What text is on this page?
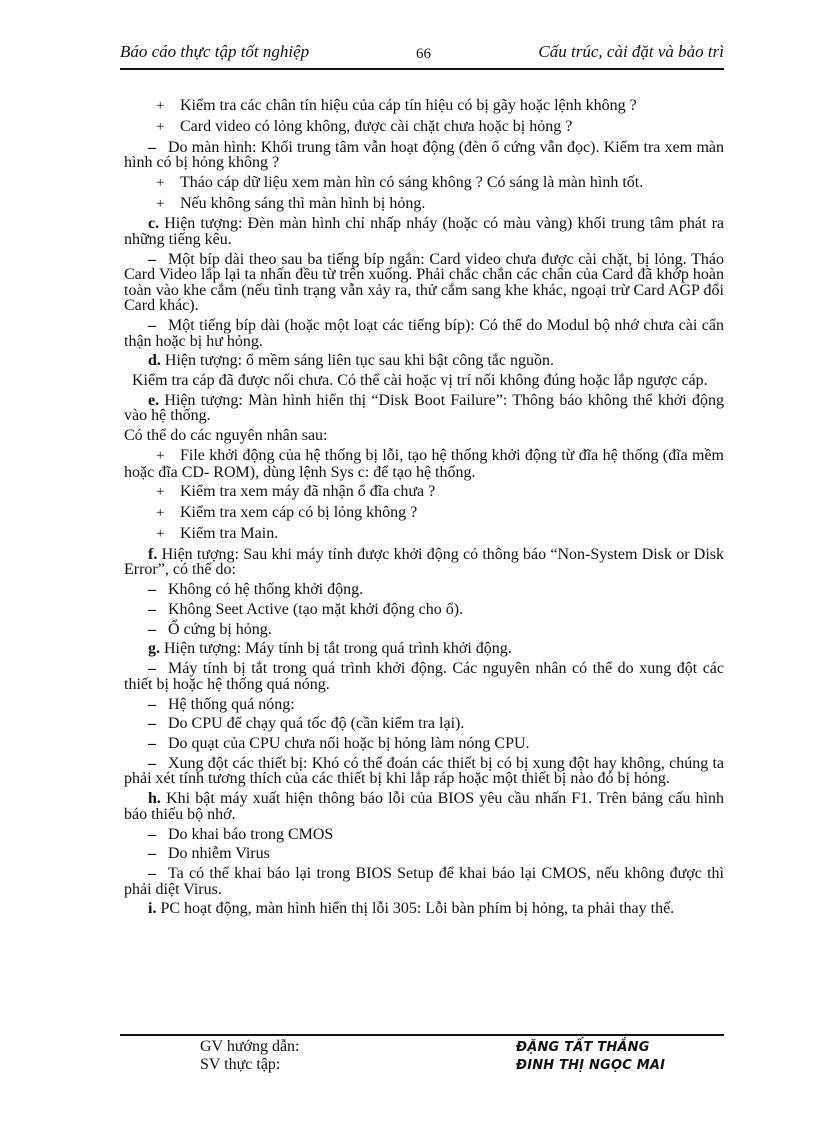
Báo cáo thực tập tốt nghiệp	66	Cấu trúc, cài đặt và bảo trì

+ Kiểm tra các chân tín hiệu của cáp tín hiệu có bị gãy hoặc lệnh không ?

+ Card video có lỏng không, được cài chặt chưa hoặc bị hỏng ?

– Do màn hình: Khối trung tâm vẫn hoạt động (đèn ổ cứng vẫn đọc). Kiểm tra xem màn hình có bị hỏng không ?

+ Tháo cáp dữ liệu xem màn hìn có sáng không ? Có sáng là màn hình tốt.

+ Nếu không sáng thì màn hình bị hỏng.

c. Hiện tượng: Đèn màn hình chỉ nhấp nháy (hoặc có màu vàng) khối trung tâm phát ra những tiếng kêu.

– Một bíp dài theo sau ba tiếng bíp ngắn: Card video chưa được cài chặt, bị lỏng. Tháo Card Video lắp lại ta nhấn đều từ trên xuống. Phải chắc chắn các chân của Card đã khớp hoàn toàn vào khe cắm (nếu tình trạng vẫn xảy ra, thử cắm sang khe khác, ngoại trừ Card AGP đổi Card khác).

– Một tiếng bíp dài (hoặc một loạt các tiếng bíp): Có thể do Modul bộ nhớ chưa cài cẩn thận hoặc bị hư hỏng.

d. Hiện tượng: ổ mềm sáng liên tục sau khi bật công tắc nguồn.

Kiểm tra cáp đã được nối chưa. Có thể cài hoặc vị trí nối không đúng hoặc lắp ngược cáp.

e. Hiện tượng: Màn hình hiển thị “Disk Boot Failure”: Thông báo không thể khởi động vào hệ thống.

Có thể do các nguyên nhân sau:

+ File khởi động của hệ thống bị lỗi, tạo hệ thống khởi động từ đĩa hệ thống (đĩa mềm hoặc đĩa CD- ROM), dùng lệnh Sys c: để tạo hệ thống.

+ Kiểm tra xem máy đã nhận ổ đĩa chưa ?

+ Kiểm tra xem cáp có bị lỏng không ?

+ Kiểm tra Main.

f. Hiện tượng: Sau khi máy tính được khởi động có thông báo “Non-System Disk or Disk Error”, có thể do:

– Không có hệ thống khởi động.

– Không Seet Active (tạo mặt khởi động cho ổ).

– Ổ cứng bị hỏng.

g. Hiện tượng: Máy tính bị tắt trong quá trình khởi động.

– Máy tính bị tắt trong quá trình khởi động. Các nguyên nhân có thể do xung đột các thiết bị hoặc hệ thống quá nóng.

– Hệ thống quá nóng:

– Do CPU để chạy quá tốc độ (cần kiểm tra lại).

– Do quạt của CPU chưa nối hoặc bị hỏng làm nóng CPU.

– Xung đột các thiết bị: Khó có thể đoán các thiết bị có bị xung đột hay không, chúng ta phải xét tính tương thích của các thiết bị khi lắp ráp hoặc một thiết bị nào đó bị hỏng.

h. Khi bật máy xuất hiện thông báo lỗi của BIOS yêu cầu nhấn F1. Trên bảng cấu hình báo thiếu bộ nhớ.

– Do khai báo trong CMOS

– Do nhiễm Virus

– Ta có thể khai báo lại trong BIOS Setup để khai báo lại CMOS, nếu không được thì phải diệt Virus.

i. PC hoạt động, màn hình hiển thị lỗi 305: Lỗi bàn phím bị hỏng, ta phải thay thế.

GV hướng dẫn:	ĐẶNG TẤT THẮNG
SV thực tập:	ĐINH THỊ NGỌC MAI
